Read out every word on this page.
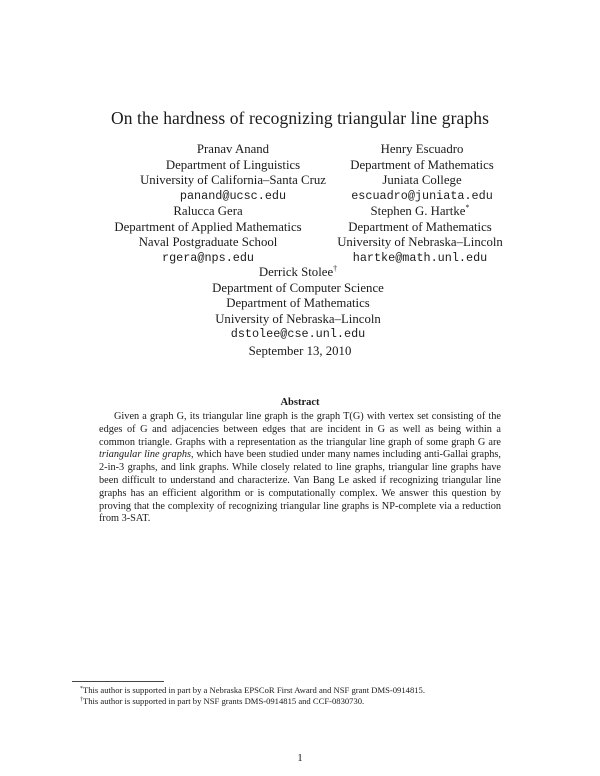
On the hardness of recognizing triangular line graphs
Pranav Anand
Department of Linguistics
University of California–Santa Cruz
panand@ucsc.edu
Henry Escuadro
Department of Mathematics
Juniata College
escuadro@juniata.edu
Ralucca Gera
Department of Applied Mathematics
Naval Postgraduate School
rgera@nps.edu
Stephen G. Hartke*
Department of Mathematics
University of Nebraska–Lincoln
hartke@math.unl.edu
Derrick Stolee†
Department of Computer Science
Department of Mathematics
University of Nebraska–Lincoln
dstolee@cse.unl.edu
September 13, 2010
Abstract

Given a graph G, its triangular line graph is the graph T(G) with vertex set consisting of the edges of G and adjacencies between edges that are incident in G as well as being within a common triangle. Graphs with a representation as the triangular line graph of some graph G are triangular line graphs, which have been studied under many names including anti-Gallai graphs, 2-in-3 graphs, and link graphs. While closely related to line graphs, triangular line graphs have been difficult to understand and characterize. Van Bang Le asked if recognizing triangular line graphs has an efficient algorithm or is computationally complex. We answer this question by proving that the complexity of recognizing triangular line graphs is NP-complete via a reduction from 3-SAT.

*This author is supported in part by a Nebraska EPSCoR First Award and NSF grant DMS-0914815.
†This author is supported in part by NSF grants DMS-0914815 and CCF-0830730.
1
